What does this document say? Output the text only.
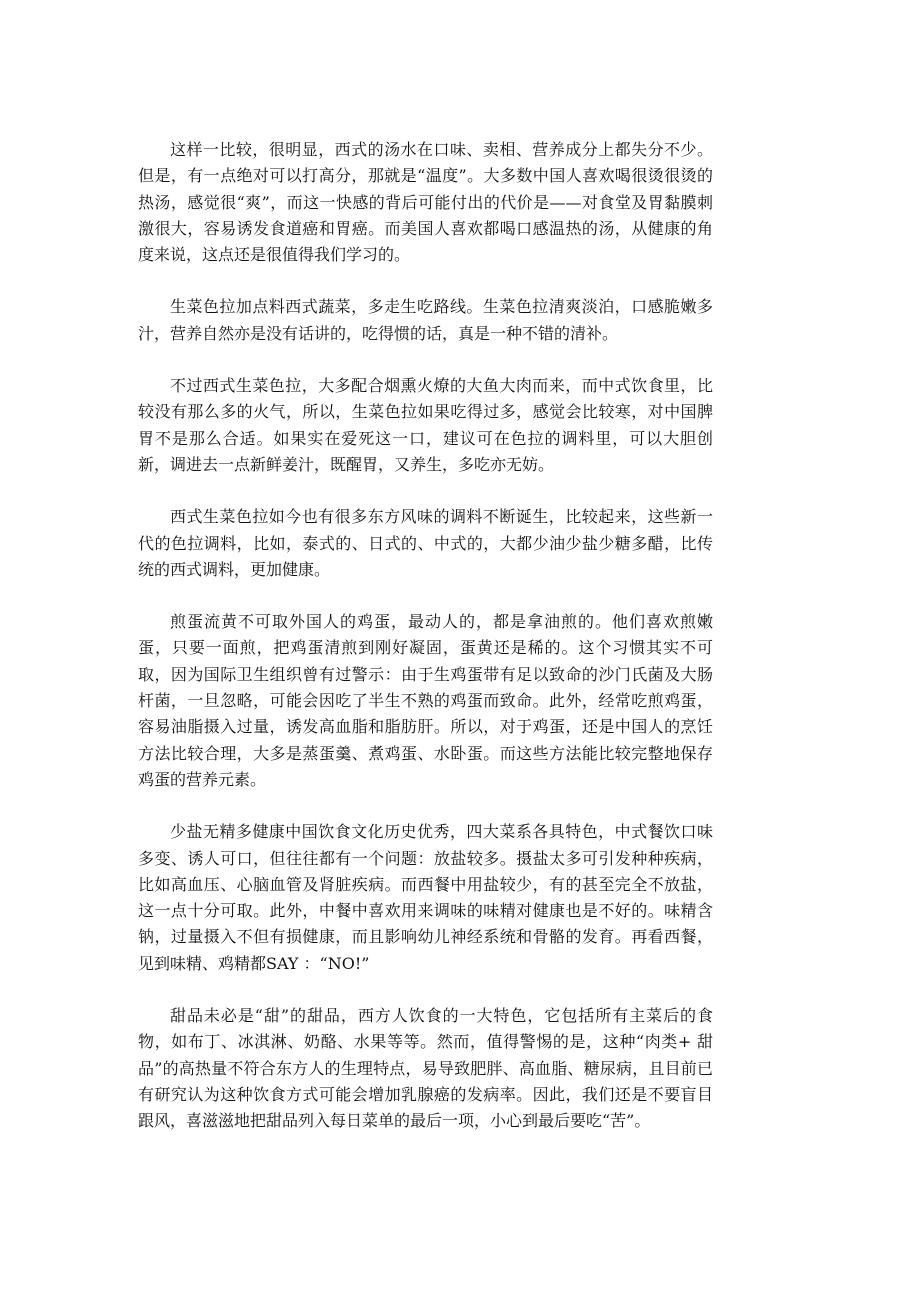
这样一比较，很明显，西式的汤水在口味、卖相、营养成分上都失分不少。但是，有一点绝对可以打高分，那就是“温度”。大多数中国人喜欢喝很烫很烫的热汤，感觉很“爽”，而这一快感的背后可能付出的代价是——对食堂及胃黏膜刺激很大，容易诱发食道癌和胃癌。而美国人喜欢都喝口感温热的汤，从健康的角度来说，这点还是很值得我们学习的。

生菜色拉加点料西式蔬菜，多走生吃路线。生菜色拉清爽淡泊，口感脆嫩多汁，营养自然亦是没有话讲的，吃得惯的话，真是一种不错的清补。

不过西式生菜色拉，大多配合烟熏火燎的大鱼大肉而来，而中式饮食里，比较没有那么多的火气，所以，生菜色拉如果吃得过多，感觉会比较寒，对中国脾胃不是那么合适。如果实在爱死这一口，建议可在色拉的调料里，可以大胆创新，调进去一点新鲜姜汁，既醒胃，又养生，多吃亦无妨。

西式生菜色拉如今也有很多东方风味的调料不断诞生，比较起来，这些新一代的色拉调料，比如，泰式的、日式的、中式的，大都少油少盐少糖多醋，比传统的西式调料，更加健康。

煎蛋流黄不可取外国人的鸡蛋，最动人的，都是拿油煎的。他们喜欢煎嫩蛋，只要一面煎，把鸡蛋清煎到刚好凝固，蛋黄还是稀的。这个习惯其实不可取，因为国际卫生组织曾有过警示：由于生鸡蛋带有足以致命的沙门氏菌及大肠杆菌，一旦忽略，可能会因吃了半生不熟的鸡蛋而致命。此外，经常吃煎鸡蛋，容易油脂摄入过量，诱发高血脂和脂肪肝。所以，对于鸡蛋，还是中国人的烹饪方法比较合理，大多是蒸蛋羹、煮鸡蛋、水卧蛋。而这些方法能比较完整地保存鸡蛋的营养元素。

少盐无精多健康中国饮食文化历史优秀，四大菜系各具特色，中式餐饮口味多变、诱人可口，但往往都有一个问题：放盐较多。摄盐太多可引发种种疾病，比如高血压、心脑血管及肾脏疾病。而西餐中用盐较少，有的甚至完全不放盐，这一点十分可取。此外，中餐中喜欢用来调味的味精对健康也是不好的。味精含钠，过量摄入不但有损健康，而且影响幼儿神经系统和骨骼的发育。再看西餐，见到味精、鸡精都SAY ：“NO!”

甜品未必是“甜”的甜品，西方人饮食的一大特色，它包括所有主菜后的食物，如布丁、冰淇淋、奶酪、水果等等。然而，值得警惕的是，这种“肉类+ 甜品”的高热量不符合东方人的生理特点，易导致肥胖、高血脂、糖尿病，且目前已有研究认为这种饮食方式可能会增加乳腺癌的发病率。因此，我们还是不要盲目跟风，喜滋滋地把甜品列入每日菜单的最后一项，小心到最后要吃“苦”。
